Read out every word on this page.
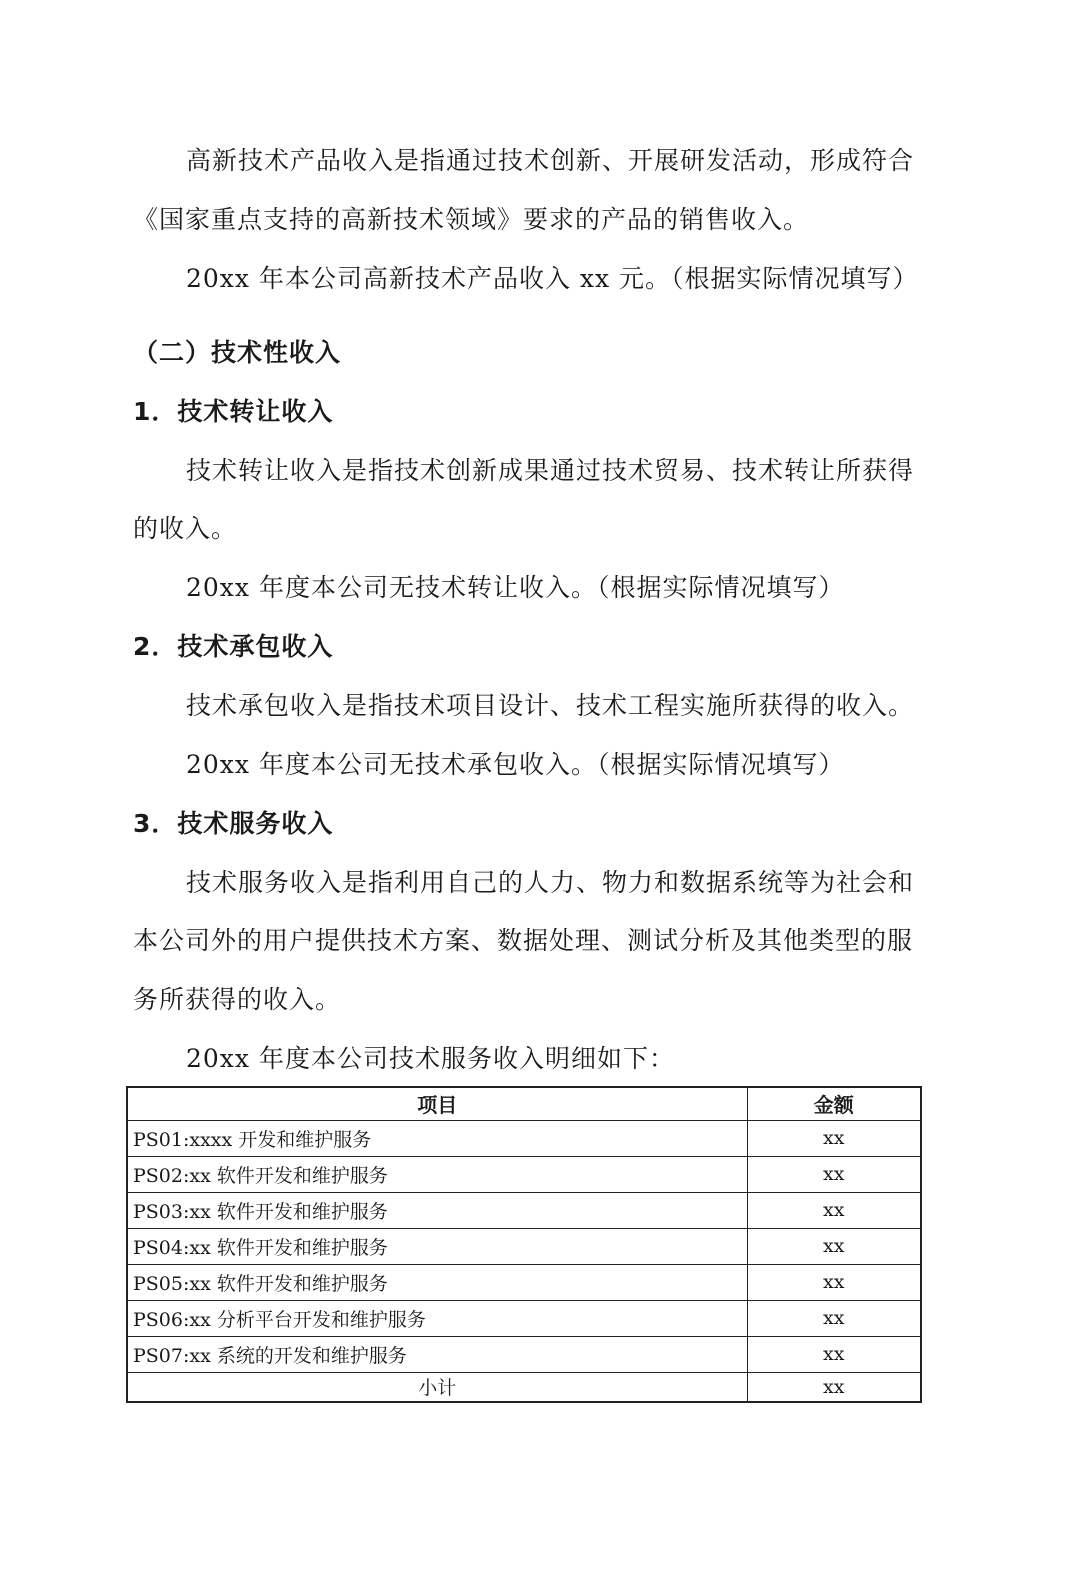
高新技术产品收入是指通过技术创新、开展研发活动，形成符合
《国家重点支持的高新技术领域》要求的产品的销售收入。
20xx 年本公司高新技术产品收入 xx 元。（根据实际情况填写）
（二）技术性收入
1．技术转让收入
技术转让收入是指技术创新成果通过技术贸易、技术转让所获得
的收入。
20xx 年度本公司无技术转让收入。（根据实际情况填写）
2．技术承包收入
技术承包收入是指技术项目设计、技术工程实施所获得的收入。
20xx 年度本公司无技术承包收入。（根据实际情况填写）
3．技术服务收入
技术服务收入是指利用自己的人力、物力和数据系统等为社会和
本公司外的用户提供技术方案、数据处理、测试分析及其他类型的服
务所获得的收入。
20xx 年度本公司技术服务收入明细如下：
项目	金额
PS01:xxxx 开发和维护服务	xx
PS02:xx 软件开发和维护服务	xx
PS03:xx 软件开发和维护服务	xx
PS04:xx 软件开发和维护服务	xx
PS05:xx 软件开发和维护服务	xx
PS06:xx 分析平台开发和维护服务	xx
PS07:xx 系统的开发和维护服务	xx
小计	xx
